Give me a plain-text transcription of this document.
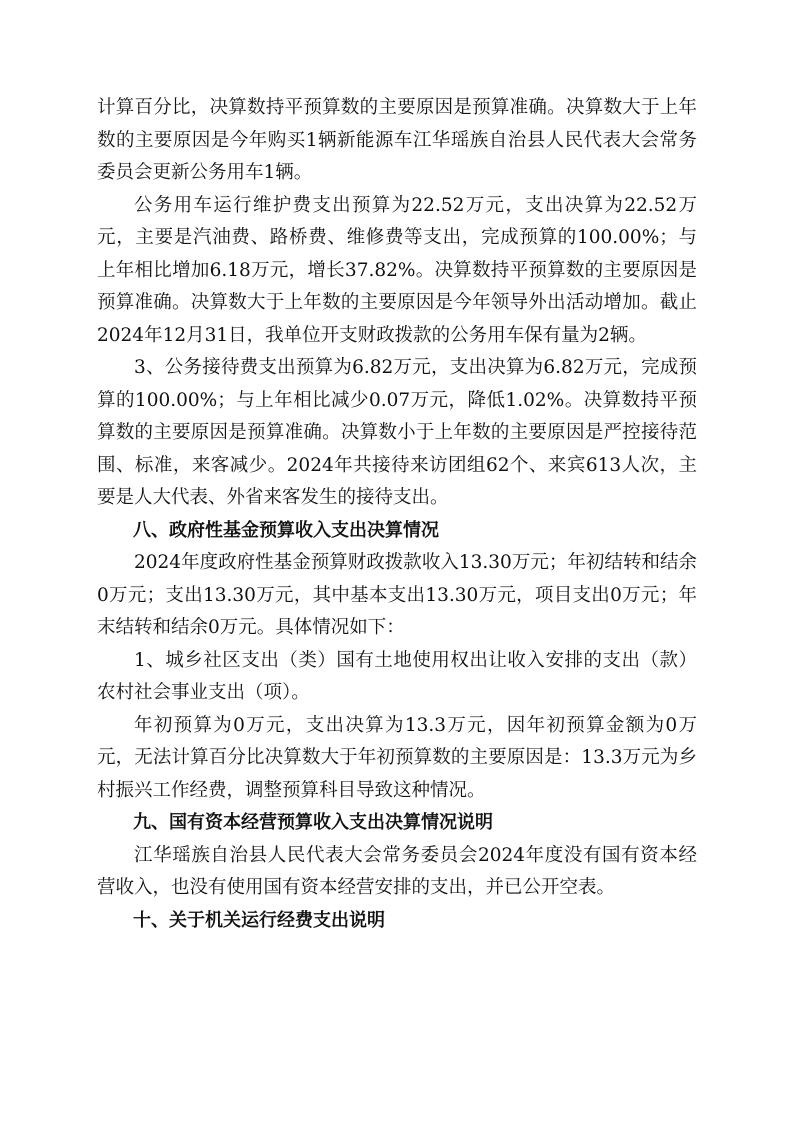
计算百分比，决算数持平预算数的主要原因是预算准确。决算数大于上年数的主要原因是今年购买1辆新能源车江华瑶族自治县人民代表大会常务委员会更新公务用车1辆。

公务用车运行维护费支出预算为22.52万元，支出决算为22.52万元，主要是汽油费、路桥费、维修费等支出，完成预算的100.00%；与上年相比增加6.18万元，增长37.82%。决算数持平预算数的主要原因是预算准确。决算数大于上年数的主要原因是今年领导外出活动增加。截止2024年12月31日，我单位开支财政拨款的公务用车保有量为2辆。

3、公务接待费支出预算为6.82万元，支出决算为6.82万元，完成预算的100.00%；与上年相比减少0.07万元，降低1.02%。决算数持平预算数的主要原因是预算准确。决算数小于上年数的主要原因是严控接待范围、标准，来客减少。2024年共接待来访团组62个、来宾613人次，主要是人大代表、外省来客发生的接待支出。

八、政府性基金预算收入支出决算情况

2024年度政府性基金预算财政拨款收入13.30万元；年初结转和结余0万元；支出13.30万元，其中基本支出13.30万元，项目支出0万元；年末结转和结余0万元。具体情况如下：

1、城乡社区支出（类）国有土地使用权出让收入安排的支出（款）农村社会事业支出（项）。

年初预算为0万元，支出决算为13.3万元，因年初预算金额为0万元，无法计算百分比决算数大于年初预算数的主要原因是：13.3万元为乡村振兴工作经费，调整预算科目导致这种情况。

九、国有资本经营预算收入支出决算情况说明

江华瑶族自治县人民代表大会常务委员会2024年度没有国有资本经营收入，也没有使用国有资本经营安排的支出，并已公开空表。

十、关于机关运行经费支出说明
